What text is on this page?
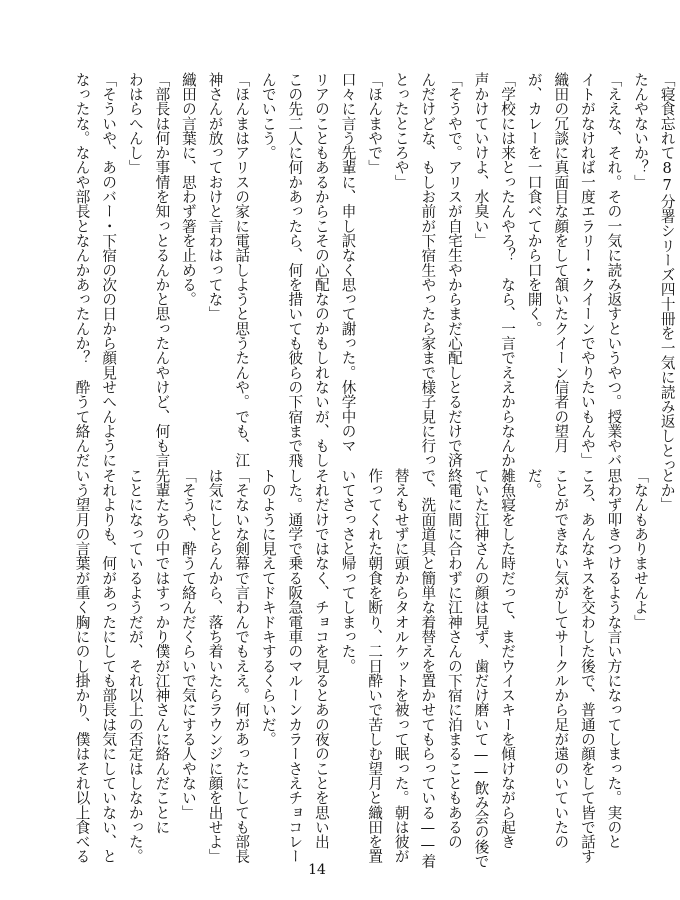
「寝食忘れて87分署シリーズ四十冊を一気に読み返しとっ
たんやないか？」
「ええな、それ。その一気に読み返すというやつ。授業やバ
イトがなければ一度エラリー・クイーンでやりたいもんや」
織田の冗談に真面目な顔をして頷いたクイーン信者の望月
が、カレーを一口食べてから口を開く。
「学校には来とったんやろ？　なら、一言でええからなんか
声かけていけよ、水臭い」
「そうやで。アリスが自宅生やからまだ心配しとるだけで済
んだけどな、もしお前が下宿生やったら家まで様子見に行っ
とったところや」
「ほんまやで」
口々に言う先輩に、申し訳なく思って謝った。休学中のマ
リアのこともあるからこその心配なのかもしれないが、もし
この先二人に何かあったら、何を措いても彼らの下宿まで飛
んでいこう。
「ほんまはアリスの家に電話しようと思うたんや。でも、江
神さんが放っておけと言わはってな」
織田の言葉に、思わず箸を止める。
「部長は何か事情を知っとるんかと思ったんやけど、何も言
わはらへんし」
「そういや、あのバー・下宿の次の日から顔見せへんように
なったな。なんや部長となんかあったんか？　酔うて絡んだ
とか」
「なんもありませんよ」
思わず叩きつけるような言い方になってしまった。実のと
ころ、あんなキスを交わした後で、普通の顔をして皆で話す
ことができない気がしてサークルから足が遠のいていたの
だ。
雑魚寝をした時だって、まだウイスキーを傾けながら起き
ていた江神さんの顔は見ず、歯だけ磨いて——飲み会の後で
終電に間に合わずに江神さんの下宿に泊まることもあるの
で、洗面道具と簡単な着替えを置かせてもらっている——着
替えもせずに頭からタオルケットを被って眠った。朝は彼が
作ってくれた朝食を断り、二日酔いで苦しむ望月と織田を置
いてさっさと帰ってしまった。
それだけではなく、チョコを見るとあの夜のことを思い出
した。通学で乗る阪急電車のマルーンカラーさえチョコレー
トのように見えてドキドキするくらいだ。
「そないな剣幕で言わんでもええ。何があったにしても部長
は気にしとらんから、落ち着いたらラウンジに顔を出せよ」
「そうや、酔うて絡んだくらいで気にする人やない」
先輩たちの中ではすっかり僕が江神さんに絡んだことに
ことになっているようだが、それ以上の否定はしなかった。
それよりも、何があったにしても部長は気にしていない、と
いう望月の言葉が重く胸にのし掛かり、僕はそれ以上食べる
14
